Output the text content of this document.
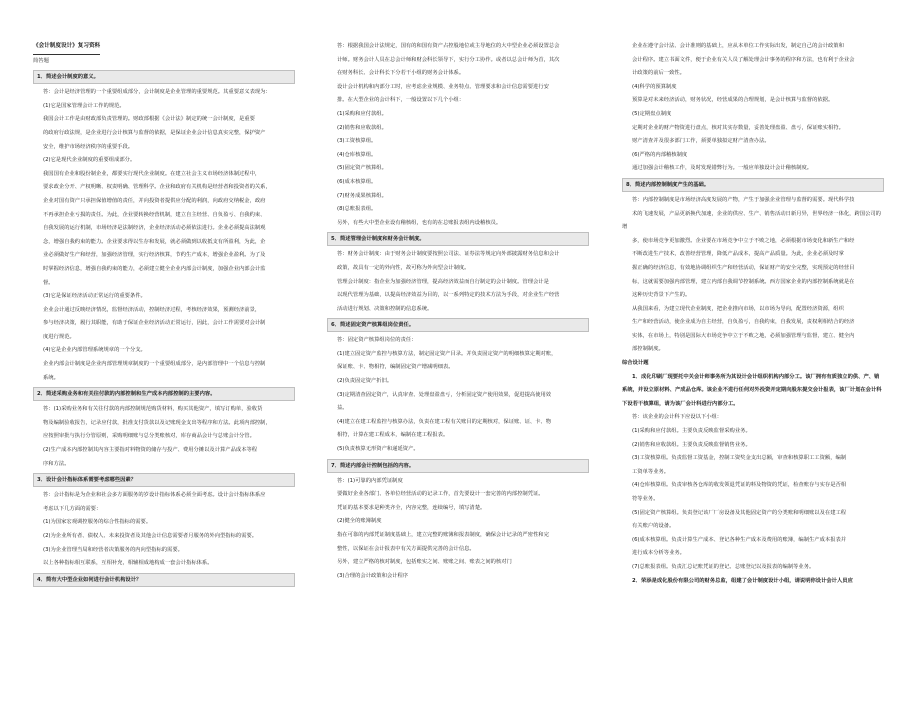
《会计制度设计》复习资料
简答题
1．简述会计制度的意义。
答：会计是经济管理的一个重要组成部分，会计制度是企业管理的重要规范。其重要意义表现为：
(1)它是国家管理会计工作的规范。
我国会计工作是由财政部负责管理的。财政部根据《会计法》制定的统一会计制度，是重要
的政府行政法规，是企业进行会计核算与监督的依据，是保证企业会计信息真实完整，保护资产
安全，维护市场经济秩序的重要手段。
(2)它是现代企业制度的重要组成部分。
我国国有企业和股份制企业，都要实行现代企业制度。在建立社会主义市场经济体制过程中，
要求政企分开、产权明晰、权责明确、管理科学。企业和政府有关机构是经营者和投资者的关系，
企业对国有资产只承担保值增值的责任，并向投资者提供应分配的利润，向政府交纳税金，政府
不再承担企业亏损的责任。为此，企业要转换经营机制，建立自主经营、自负盈亏、自我约束、
自我发展的运行机制，市场经济是法制经济，企业经济活动必须依法进行。企业必须提高法制观
念，增强自我约束的能力。企业要求得以生存和发展，就必须做到以收抵支有所盈利，为此，企
业必须做好生产和经营，加强经济管理，实行经济核算，节约生产成本，增强企业盈利。为了及
时掌握经济信息，增强自我约束的能力，必须建立健全企业内部会计制度，加强企业内部会计监
督。
(3)它是保证经济活动正常运行的重要条件。
企业会计通过反映经济情况，监督经济活动，控制经济过程，考核经济效果，预测经济前景，
参与经济决策，履行其职能，有助于保证企业经济活动正常运行，因此，会计工作需要对会计制
度进行规范。
(4)它是企业内部管理系统规章的一个分支。
企业内部会计制度是企业内部管理规章制度的一个重要组成部分，是内部管理中一个信息与控制
系统。
2．简述采购业务和有关往付款的内部控制和生产成本内部控制的主要内容。
答：(1)采购业务和有关往付款的内部控制规范购货材料，购买其他资产，填写订购单，验收货
物及编制验收报告，记录应付款，批准支付货款以及记账现金支出等程序和方法。此项内部控制，
应按照审批与执行分管原则，采购明细账与总分类账核对，库存商品会计与总账会计分管。
(2)生产成本内部控制其内容主要指对料物资的储存与投产、费用分摊以及计算产品成本等程
序和方法。
3．设计会计指标体系需要考虑哪些因素？
答：会计指标是为企业和社会多方面服务的岁设计指标体系必须全面考虑。设计会计指标体系应
考虑以下几方面的需要：
(1)为国家宏观调控服务的综合性指标的需要。
(2)为企业所有者、债权人、未来投资者及其他会计信息需要者月服务的外向型指标的需要。
(3)为企业管理当局和经营者决策服务的内向型指标的需要。
以上各种指标相互联系，互相补充，相辅相成地构成一套会计指标体系。
4．简有大中型企业如何进行会计机构设计？
答：根据我国会计法规定，国有的和国有资产占控股地位或主导地位的大中型企业必须设置总会
计师。财务会计人员在总会计师和财会科长领导下，实行分工协作。或者以总会计师为首，其次
在财务科长、会计科长下分若干小组的财务会计体系。
设计会计机构和内部分工时，应考虑企业规模、业务特点、管理要求和会计信息需要进行安
排。在大型企业的会计科下，一般设置以下几个小组：
(1)采购和应付款组。
(2)销售和应收款组。
(3)工资核算组。
(4)仓库核算组。
(5)固定资产核算组。
(6)成本核算组。
(7)财务成果核算组。
(8)总账报表组。
另外，有些大中型企业设有稽核组，也有的在总账报表组内设稽核员。
5．简述管理会计制度和财务会计制度。
答：财务会计制度：由于财务会计制度要按照公司法、证券法等规定向外部披露财务信息和会计
政策，故具有一定的外向性，故可称为外向型会计制度。
管理会计制度：指企业为加强经济管理，提高经济效益而自行制定的会计制度。管理会计是
以现代管理为基础，以提高经济效益为目的，以一系列特定的技术方法为手段，对企业生产经营
活动进行规划、决策和控制的信息系统。
6．简述固定资产核算组岗位责任。
答：固定资产核算组岗位的责任：
(1)建立固定资产监控与核算方法，制定固定资产目录。并负责固定资产的明细核算定期对账，
保证账、卡、物相符，编制固定资产增减明细表。
(2)负责固定资产折旧。
(3)定期清查固定资产，认真审查、处理盘盈盘亏，分析固定资产使用效果，促进提高使用效
益。
(4)建立在建工程监控与核算办法，负责在建工程有关账目的定期核对，保证账、证、卡、物
相符，计算在建工程成本，编制在建工程报表。
(5)负责核算无形资产和递延资产。
7．简述内部会计控制包括的内容。
答：(1)可靠的内部凭证制度
要做好企业各部门、各单位经营活动的记录工作，首先要设计一套完善的内部控制凭证。
凭证的基本要求是种类齐全，内容完整，连续编号，填写清楚。
(2)健全的账簿制度
指在可靠的内部凭证制度基础上，建立完整的账簿和报表制度，确保会计记录的严密性和完
整性，以保证在会计报表中有关方面提供完善的会计信息。
另外，建立严格的核对制度，包括账实之间、账账之间、账表之间的核对门
(3)合理的会计政策和会计程序
企业在遵守会计法、会计准则的基础上，应从本单位工作实际出发，制定自己的会计政策和
会计程序。建立书面文件，便于企业有关人员了解处理会计事务的程序和方法，也有利于企业会
计政策的前后一致性。
(4)科学的预算制度
预算是对未来经济活动，财务状况，经营成果的合理规划，是会计核算与监督的依据。
(5)定期盘点制度
定期对企业的财产物资进行盘点，核对其实存数量，妥善处理盘盈、盘亏，保证账实相符。
财产清查并及很多部门工作，须要单独拟定财产清查办法。
(6)严格的内部稽核制度
通过加强会计稽核工作，及时发现错弊行为。一般应单独设计会计稽核制度。
8．简述内部控制制度产生的基础。
答：内部控制制度是市场经济高度发展的产物，产生于加强企业管理与监督的需要。现代科学技
术的飞速发展，产品更新换代加速，企业的供应、生产、销售活动日新月异，世界经济一体化，跨国公司的增
多，使市场竞争更加激烈。企业要在市场竞争中立于不败之地，必须根据市场变化和新生产和经
不断改进生产技术，改善经营管理，降低产品成本，提高产品质量。为此，企业必须及时掌
握正确的经济信息，有效地协调组织生产和经营活动，保证财产的安全完整，实现预定的经营目
标，这就需要加强内部管理，建立内部自我调节控制系统。西方国家企业的内部控制系统就是在
这种历史背景下产生的。
从我国来看，为建立现代企业制度，把企业推向市场，以市场为导向，配置经济资源，组织
生产和经营活动，使企业成为自主经营，自负盈亏，自我约束，自我发展，责权利相结合的经济
实体，在市场上，特别是国际大市场竞争中立于不败之地，必须加强管理与监督，建立、健全内
部控制制度。
综合设计题
1．成化印刷厂现要托中关会计师事务所为其设计会计组织机构内部分工。该厂拥有有质独立的供、产、销系统，并设立原材料、产成品仓库。该企业不进行任何对外投资并定期向股东提交会计报表，该厂计划在会计科下设若干核算组，请为该厂会计科进行内部分工。
答：该企业的会计科下应设以下小组：
(1)采购和应付款组。主要负责反映监督采购业务。
(2)销售和应收款组。主要负责反映监督销售业务。
(3)工资核算组。负责监督工资基金，控制工资奖金支出总额，审查和核算职工工资额，编制
工资单等业务。
(4)仓库核算组。负责审核各仓库的收发领退凭证的料及物资的凭证，检查账存与实存是否相
符等业务。
(5)固定资产核算组。负责登记该厂厂房设备及其他固定资产的分类账和明细账以及在建工程
有关账户的设备。
(6)成本核算组。负责计算生产成本、登记各种生产成本及费用的账簿，编制生产成本报表并
进行成本分析等业务。
(7)总账报表组。负责汇总记账凭证的登记、总账登记以及报表的编制等业务。
2．荣添是成化股份有限公司的财务总监，组建了会计制度设计小组，请说明你设计会计人员应
